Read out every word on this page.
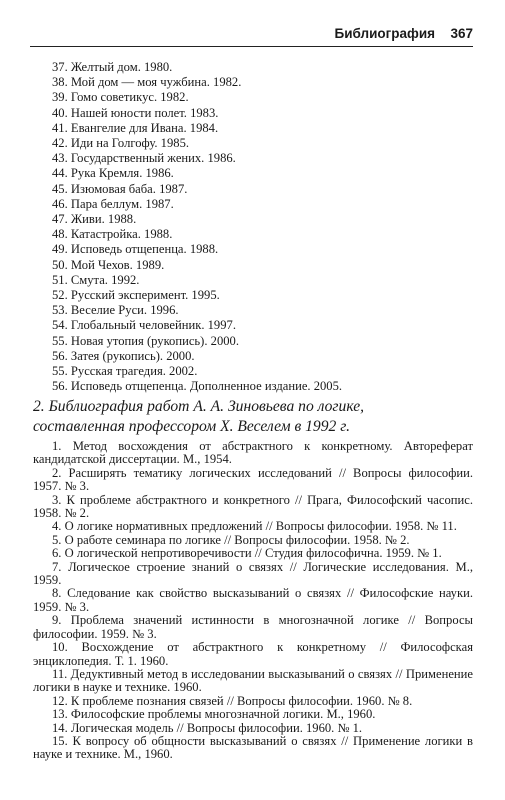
Библиография 367
37. Желтый дом. 1980.
38. Мой дом — моя чужбина. 1982.
39. Гомо советикус. 1982.
40. Нашей юности полет. 1983.
41. Евангелие для Ивана. 1984.
42. Иди на Голгофу. 1985.
43. Государственный жених. 1986.
44. Рука Кремля. 1986.
45. Изюмовая баба. 1987.
46. Пара беллум. 1987.
47. Живи. 1988.
48. Катастройка. 1988.
49. Исповедь отщепенца. 1988.
50. Мой Чехов. 1989.
51. Смута. 1992.
52. Русский эксперимент. 1995.
53. Веселие Руси. 1996.
54. Глобальный человейник. 1997.
55. Новая утопия (рукопись). 2000.
56. Затея (рукопись). 2000.
55. Русская трагедия. 2002.
56. Исповедь отщепенца. Дополненное издание. 2005.
2. Библиография работ А. А. Зиновьева по логике,
составленная профессором Х. Веселем в 1992 г.
1. Метод восхождения от абстрактного к конкретному. Автореферат кандидатской диссертации. М., 1954.
2. Расширять тематику логических исследований // Вопросы философии. 1957. № 3.
3. К проблеме абстрактного и конкретного // Прага, Философский часопис. 1958. № 2.
4. О логике нормативных предложений // Вопросы философии. 1958. № 11.
5. О работе семинара по логике // Вопросы философии. 1958. № 2.
6. О логической непротиворечивости // Студия философична. 1959. № 1.
7. Логическое строение знаний о связях // Логические исследования. М., 1959.
8. Следование как свойство высказываний о связях // Философские науки. 1959. № 3.
9. Проблема значений истинности в многозначной логике // Вопросы философии. 1959. № 3.
10. Восхождение от абстрактного к конкретному // Философская энциклопедия. Т. 1. 1960.
11. Дедуктивный метод в исследовании высказываний о связях // Применение логики в науке и технике. 1960.
12. К проблеме познания связей // Вопросы философии. 1960. № 8.
13. Философские проблемы многозначной логики. М., 1960.
14. Логическая модель // Вопросы философии. 1960. № 1.
15. К вопросу об общности высказываний о связях // Применение логики в науке и технике. М., 1960.
